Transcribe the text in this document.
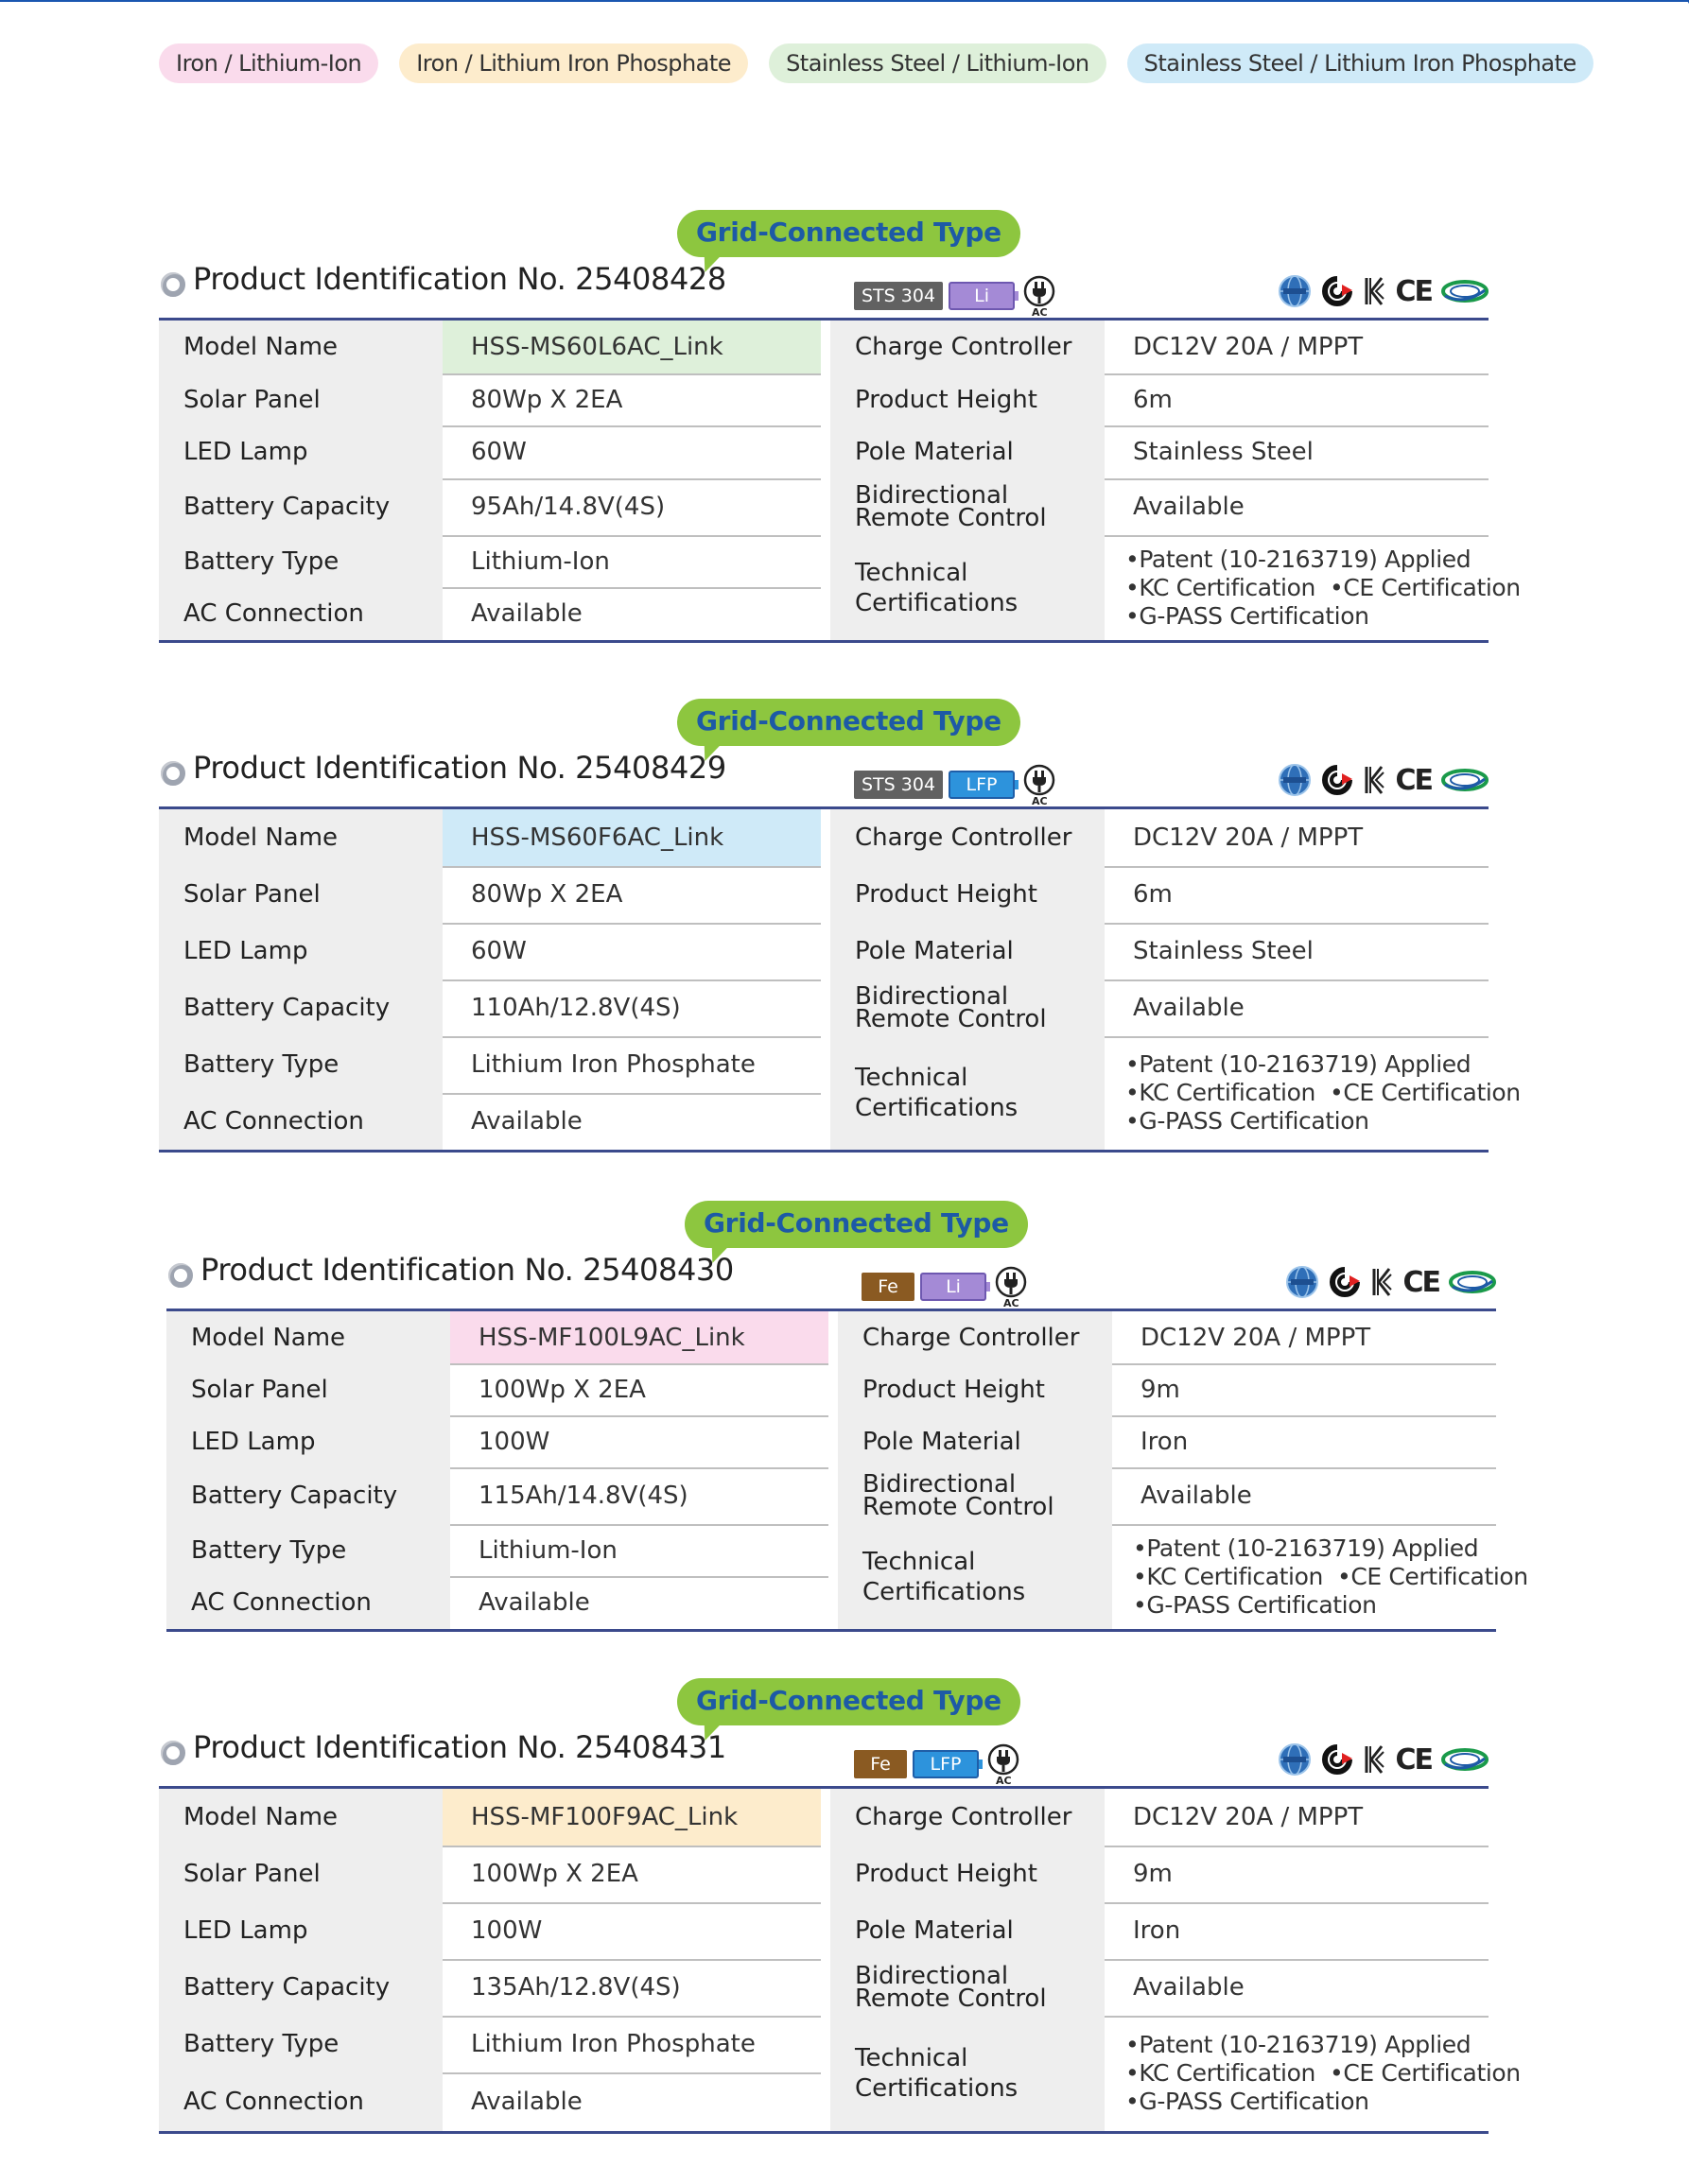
Iron / Lithium-Ion	Iron / Lithium Iron Phosphate	Stainless Steel / Lithium-Ion	Stainless Steel / Lithium Iron Phosphate
Product Identification No. 25408428
Grid-Connected Type
STS 304	Li
AC
CE
Model Name	HSS-MS60L6AC_Link
Solar Panel	80Wp X 2EA
LED Lamp	60W
Battery Capacity	95Ah/14.8V(4S)
Battery Type	Lithium-Ion
AC Connection	Available
Charge Controller	DC12V 20A / MPPT
Product Height	6m
Pole Material	Stainless Steel
Bidirectional
Remote Control	Available
Technical
Certifications
•Patent (10-2163719) Applied
•KC Certification  •CE Certification
•G-PASS Certification
Product Identification No. 25408429
Grid-Connected Type
STS 304	LFP
AC
CE
Model Name	HSS-MS60F6AC_Link
Solar Panel	80Wp X 2EA
LED Lamp	60W
Battery Capacity	110Ah/12.8V(4S)
Battery Type	Lithium Iron Phosphate
AC Connection	Available
Charge Controller	DC12V 20A / MPPT
Product Height	6m
Pole Material	Stainless Steel
Bidirectional
Remote Control	Available
Technical
Certifications
•Patent (10-2163719) Applied
•KC Certification  •CE Certification
•G-PASS Certification
Product Identification No. 25408430
Grid-Connected Type
Fe	Li
AC
CE
Model Name	HSS-MF100L9AC_Link
Solar Panel	100Wp X 2EA
LED Lamp	100W
Battery Capacity	115Ah/14.8V(4S)
Battery Type	Lithium-Ion
AC Connection	Available
Charge Controller	DC12V 20A / MPPT
Product Height	9m
Pole Material	Iron
Bidirectional
Remote Control	Available
Technical
Certifications
•Patent (10-2163719) Applied
•KC Certification  •CE Certification
•G-PASS Certification
Product Identification No. 25408431
Grid-Connected Type
Fe	LFP
AC
CE
Model Name	HSS-MF100F9AC_Link
Solar Panel	100Wp X 2EA
LED Lamp	100W
Battery Capacity	135Ah/12.8V(4S)
Battery Type	Lithium Iron Phosphate
AC Connection	Available
Charge Controller	DC12V 20A / MPPT
Product Height	9m
Pole Material	Iron
Bidirectional
Remote Control	Available
Technical
Certifications
•Patent (10-2163719) Applied
•KC Certification  •CE Certification
•G-PASS Certification
